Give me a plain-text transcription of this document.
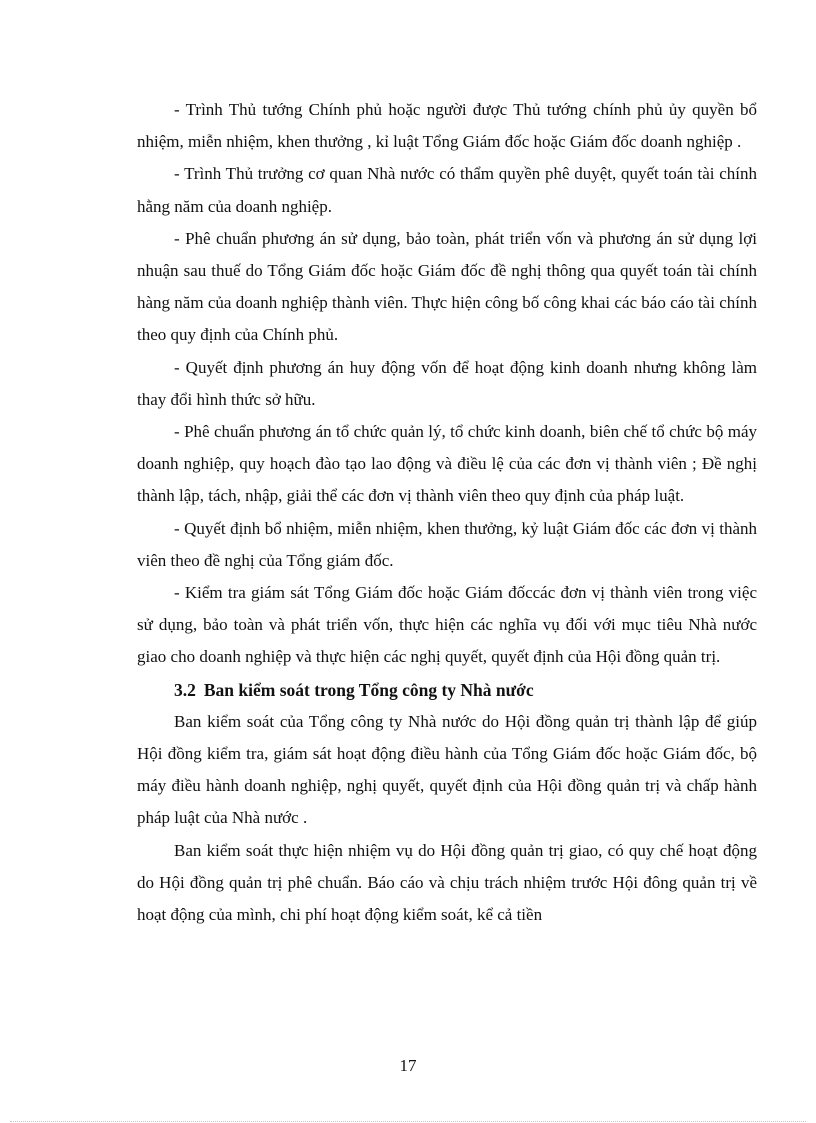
- Trình Thủ tướng Chính phủ hoặc người được Thủ tướng chính phủ ủy quyền bổ nhiệm, miễn nhiệm, khen thưởng , kỉ luật Tổng Giám đốc hoặc Giám đốc doanh nghiệp .

- Trình Thủ trưởng cơ quan Nhà nước có thẩm quyền phê duyệt, quyết toán tài chính hằng năm của doanh nghiệp.

- Phê chuẩn phương án sử dụng, bảo toàn, phát triển vốn và phương án sử dụng lợi nhuận sau thuế do Tổng Giám đốc hoặc Giám đốc đề nghị thông qua quyết toán tài chính hàng năm của doanh nghiệp thành viên. Thực hiện công bố công khai các báo cáo tài chính theo quy định của Chính phủ.

- Quyết định phương án huy động vốn để hoạt động kinh doanh nhưng không làm thay đổi hình thức sở hữu.

- Phê chuẩn phương án tổ chức quản lý, tổ chức kinh doanh, biên chế tổ chức bộ máy doanh nghiệp, quy hoạch đào tạo lao động và điều lệ của các đơn vị thành viên ; Đề nghị thành lập, tách, nhập, giải thể các đơn vị thành viên theo quy định của pháp luật.

- Quyết định bổ nhiệm, miễn nhiệm, khen thưởng, kỷ luật Giám đốc các đơn vị thành viên theo đề nghị của Tổng giám đốc.

- Kiểm tra giám sát Tổng Giám đốc hoặc Giám đốccác đơn vị thành viên trong việc sử dụng, bảo toàn và phát triển vốn, thực hiện các nghĩa vụ đối với mục tiêu Nhà nước giao cho doanh nghiệp và thực hiện các nghị quyết, quyết định của Hội đồng quản trị.

3.2 Ban kiểm soát trong Tổng công ty Nhà nước

Ban kiểm soát của Tổng công ty Nhà nước do Hội đồng quản trị thành lập để giúp Hội đồng kiểm tra, giám sát hoạt động điều hành của Tổng Giám đốc hoặc Giám đốc, bộ máy điều hành doanh nghiệp, nghị quyết, quyết định của Hội đồng quản trị và chấp hành pháp luật của Nhà nước .

Ban kiểm soát thực hiện nhiệm vụ do Hội đồng quản trị giao, có quy chế hoạt động do Hội đồng quản trị phê chuẩn. Báo cáo và chịu trách nhiệm trước Hội đông quản trị về hoạt động của mình, chi phí hoạt động kiểm soát, kể cả tiền

17
